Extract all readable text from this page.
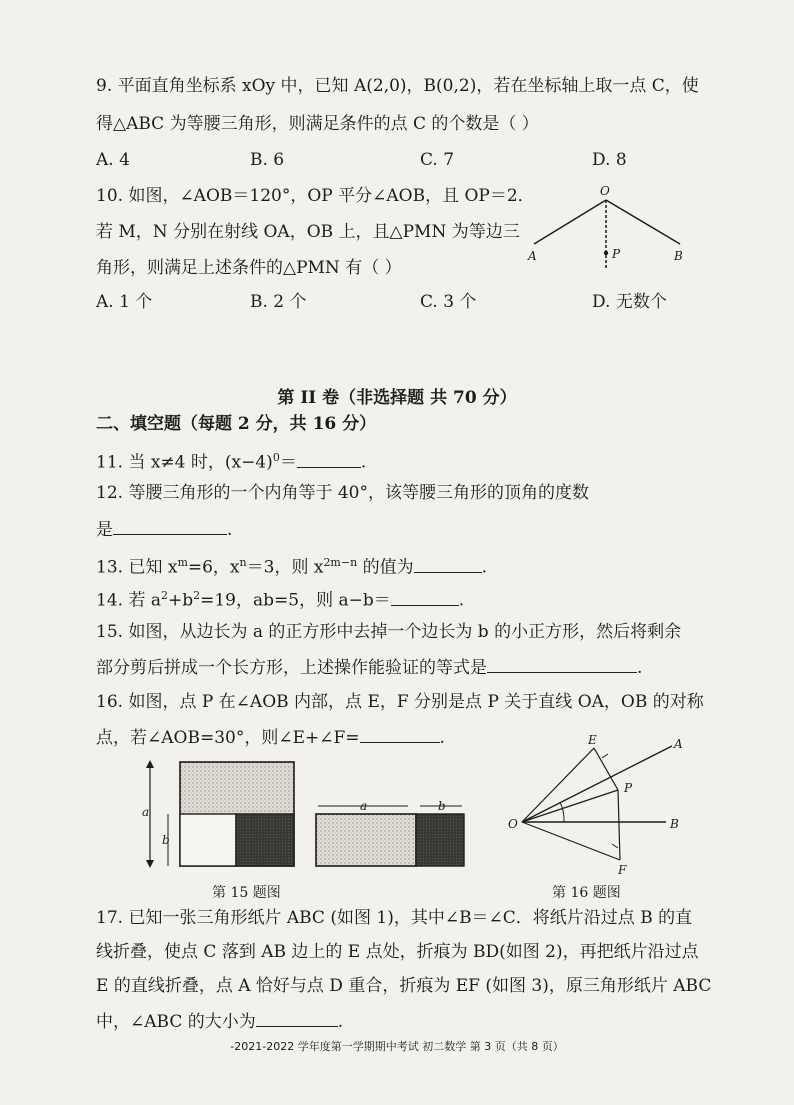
9. 平面直角坐标系 xOy 中，已知 A(2,0)，B(0,2)，若在坐标轴上取一点 C，使
得△ABC 为等腰三角形，则满足条件的点 C 的个数是（ ）
A. 4	B. 6	C. 7	D. 8
10. 如图，∠AOB＝120°，OP 平分∠AOB，且 OP＝2．
若 M，N 分别在射线 OA，OB 上，且△PMN 为等边三
角形，则满足上述条件的△PMN 有（ ）
A. 1 个	B. 2 个	C. 3 个	D. 无数个
O
A	P	B
第 II 卷（非选择题 共 70 分）
二、填空题（每题 2 分，共 16 分）
11. 当 x≠4 时，$(x-4)^0=$	.
12. 等腰三角形的一个内角等于 40°，该等腰三角形的顶角的度数
是	.
13. 已知 $x^m=6$，$x^n=3$，则 $x^{2m-n}$ 的值为	.
14. 若 $a^2+b^2=19$，ab=5，则 a−b＝	.
15. 如图，从边长为 a 的正方形中去掉一个边长为 b 的小正方形，然后将剩余
部分剪后拼成一个长方形，上述操作能验证的等式是	.
16. 如图，点 P 在∠AOB 内部，点 E，F 分别是点 P 关于直线 OA，OB 的对称
点，若∠AOB=30°，则∠E+∠F=	.
a
b
a	b
E	A
P
O	B
F
第 15 题图	第 16 题图
17. 已知一张三角形纸片 ABC (如图 1)，其中∠B＝∠C．将纸片沿过点 B 的直
线折叠，使点 C 落到 AB 边上的 E 点处，折痕为 BD(如图 2)，再把纸片沿过点
E 的直线折叠，点 A 恰好与点 D 重合，折痕为 EF (如图 3)，原三角形纸片 ABC
中，∠ABC 的大小为	.
-2021-2022 学年度第一学期期中考试 初二数学 第 3 页（共 8 页）
